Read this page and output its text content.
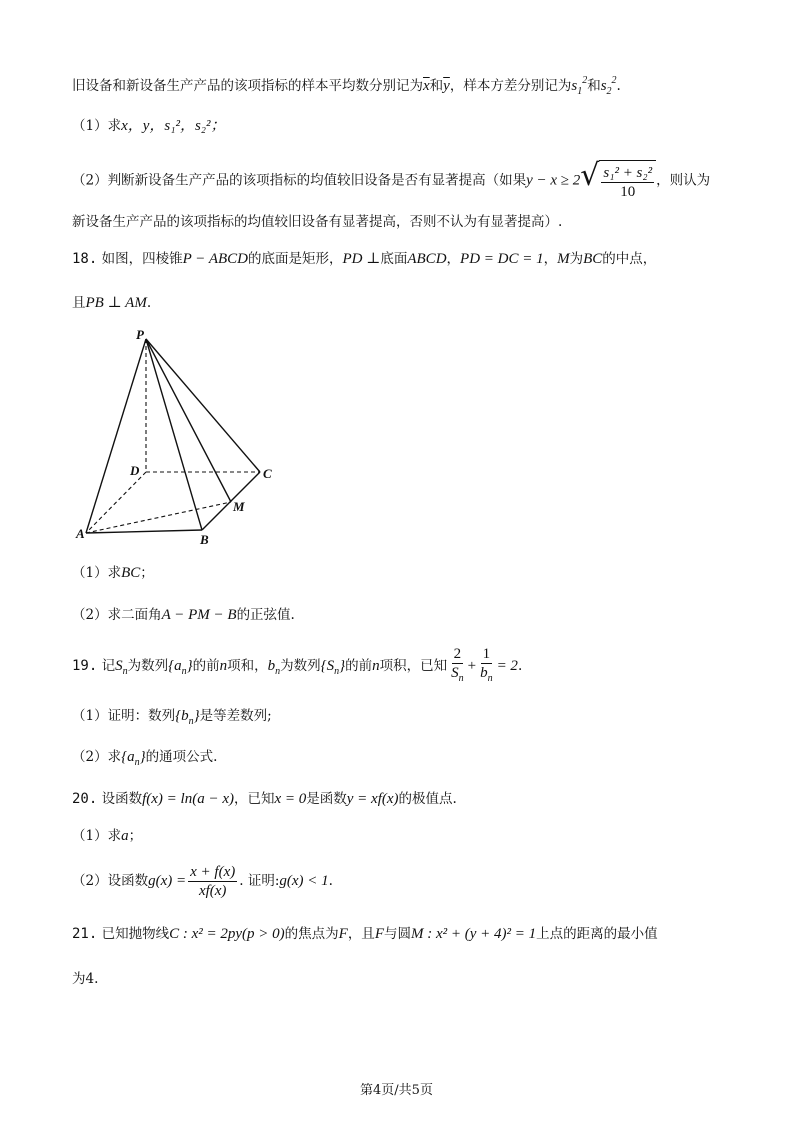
旧设备和新设备生产产品的该项指标的样本平均数分别记为$\overline{x}$和$\overline{y}$，样本方差分别记为$s_1^2$和$s_2^2$.
（1）求x，y，s₁²，s₂²；
（2）判断新设备生产产品的该项指标的均值较旧设备是否有显著提高（如果y − x ≥ 2 √ $\frac{\text{s₁² + s₂²}}{10}$ ，则认为
新设备生产产品的该项指标的均值较旧设备有显著提高，否则不认为有显著提高）.
18. 如图，四棱锥P − ABCD的底面是矩形，PD ⊥底面ABCD，PD = DC = 1，M为BC的中点，
且PB ⊥ AM.
P
D	C
M
A	B
（1）求BC；
（2）求二面角A − PM − B的正弦值.
19. 记$S_n$为数列$\{a_n\}$的前n项和，$b_n$为数列$\{S_n\}$的前n项积，已知 $\frac{2}{S_n} + \frac{1}{b_n} = 2$.
（1）证明：数列$\{b_n\}$是等差数列;
（2）求$\{a_n\}$的通项公式.
20. 设函数f(x) = ln(a − x)，已知x = 0是函数y = xf(x)的极值点.
（1）求a；
（2）设函数$g(x) = \frac{x + f(x)}{xf(x)}$ . 证明:g(x) < 1.
21. 已知抛物线C : x² = 2py(p > 0)的焦点为F，且F与圆M : x² + (y + 4)² = 1上点的距离的最小值
为4.
第4页/共5页
